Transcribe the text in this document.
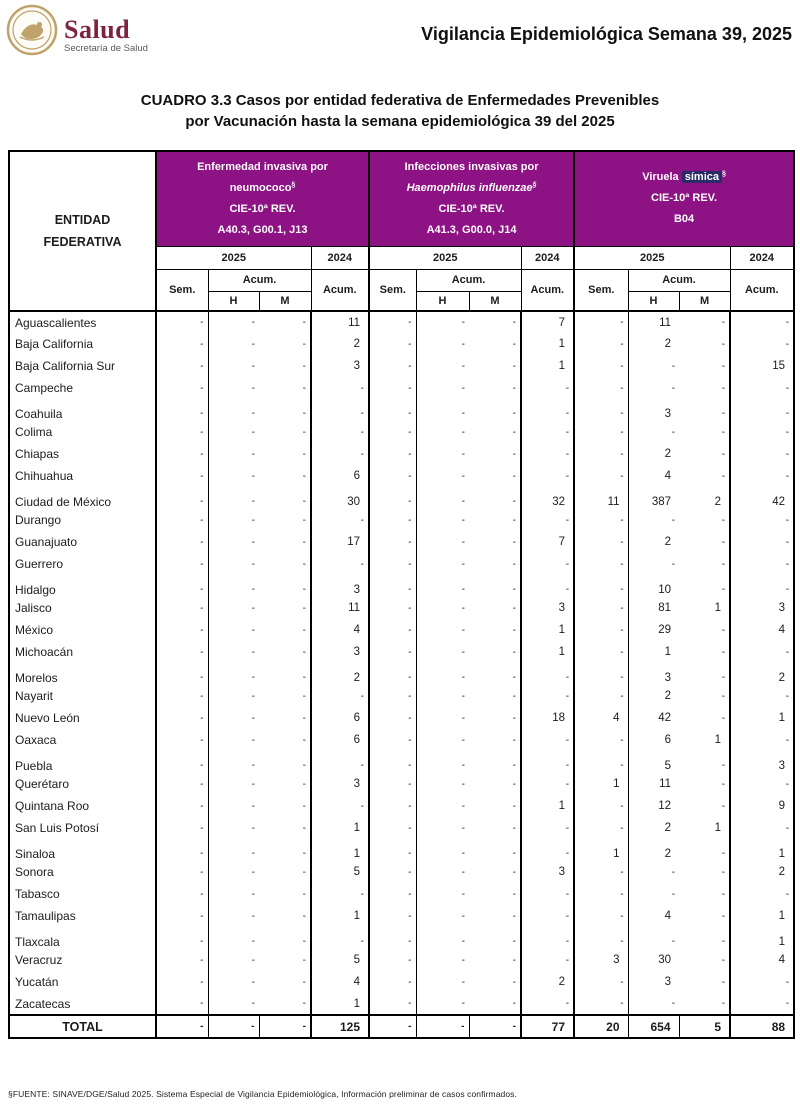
Salud
Secretaría de Salud
Vigilancia Epidemiológica Semana 39, 2025
CUADRO 3.3 Casos por entidad federativa de Enfermedades Prevenibles
por Vacunación hasta la semana epidemiológica 39 del 2025
ENTIDAD
FEDERATIVA

Enfermedad invasiva por
neumococo§
CIE-10ª REV.
A40.3, G00.1, J13

Infecciones invasivas por
Haemophilus influenzae§
CIE-10ª REV.
A41.3, G00.0, J14

Viruela símica §
CIE-10ª REV.
B04

	2025			2024	2025			2024	2025			2024
	Sem.	Acum.		Acum.	Sem.	Acum.		Acum.	Sem.	Acum.		Acum.
		H	M			H	M			H	M	
Aguascalientes	-	-	-	11	-	-	-	7	-	11	-	-
Baja California	-	-	-	2	-	-	-	1	-	2	-	-
Baja California Sur	-	-	-	3	-	-	-	1	-	-	-	15
Campeche	-	-	-	-	-	-	-	-	-	-	-	-
Coahuila	-	-	-	-	-	-	-	-	-	3	-	-
Colima	-	-	-	-	-	-	-	-	-	-	-	-
Chiapas	-	-	-	-	-	-	-	-	-	2	-	-
Chihuahua	-	-	-	6	-	-	-	-	-	4	-	-
Ciudad de México	-	-	-	30	-	-	-	32	11	387	2	42
Durango	-	-	-	-	-	-	-	-	-	-	-	-
Guanajuato	-	-	-	17	-	-	-	7	-	2	-	-
Guerrero	-	-	-	-	-	-	-	-	-	-	-	-
Hidalgo	-	-	-	3	-	-	-	-	-	10	-	-
Jalisco	-	-	-	11	-	-	-	3	-	81	1	3
México	-	-	-	4	-	-	-	1	-	29	-	4
Michoacán	-	-	-	3	-	-	-	1	-	1	-	-
Morelos	-	-	-	2	-	-	-	-	-	3	-	2
Nayarit	-	-	-	-	-	-	-	-	-	2	-	-
Nuevo León	-	-	-	6	-	-	-	18	4	42	-	1
Oaxaca	-	-	-	6	-	-	-	-	-	6	1	-
Puebla	-	-	-	-	-	-	-	-	-	5	-	3
Querétaro	-	-	-	3	-	-	-	-	1	11	-	-
Quintana Roo	-	-	-	-	-	-	-	1	-	12	-	9
San Luis Potosí	-	-	-	1	-	-	-	-	-	2	1	-
Sinaloa	-	-	-	1	-	-	-	-	1	2	-	1
Sonora	-	-	-	5	-	-	-	3	-	-	-	2
Tabasco	-	-	-	-	-	-	-	-	-	-	-	-
Tamaulipas	-	-	-	1	-	-	-	-	-	4	-	1
Tlaxcala	-	-	-	-	-	-	-	-	-	-	-	1
Veracruz	-	-	-	5	-	-	-	-	3	30	-	4
Yucatán	-	-	-	4	-	-	-	2	-	3	-	-
Zacatecas	-	-	-	1	-	-	-	-	-	-	-	-
TOTAL	-	-	-	125	-	-	-	77	20	654	5	88
§FUENTE: SINAVE/DGE/Salud 2025. Sistema Especial de Vigilancia Epidemiológica, Información preliminar de casos confirmados.
